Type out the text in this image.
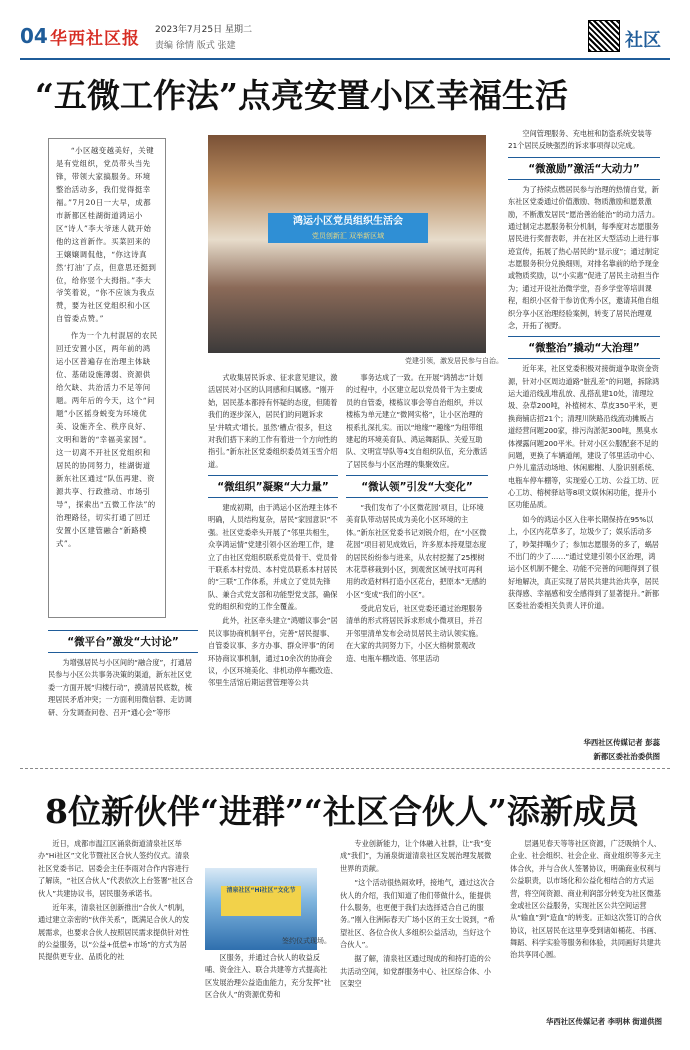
04 华西社区报 2023年7月25日 星期二
责编 徐情 版式 张建	社区
“五微工作法”点亮安置小区幸福生活

“小区越变越美好，关键是有党组织，党员带头当先锋，带领大家搞服务。环境整治活动多，我们觉得挺幸福。”7月20日一大早，成都市新都区桂湖街道鸿运小区“诗人”李大爷迷人就开始他的这首新作。买菜回来的王嬢嬢调侃他，“你这诗真然‘打油’了点，但意思还挺到位，给你竖个大拇指。”李大爷笑着说，“你不应该为我点赞，要为社区党组织和小区自管委点赞。”

作为一个九村混居的农民回迁安置小区，两年前的鸿运小区普遍存在治理主体缺位、基础设施薄弱、资源供给欠缺、共治活力不足等问题。两年后的今天，这个“问题”小区摇身蜕变为环境优美、设施齐全、秩序良好、文明和谐的“幸福美家园”。这一切离不开社区党组织和居民的协同努力，桂湖街道新东社区通过“队伍再建、资源共享、行政推动、市场引导”，探索出“五微工作法”的治理路径，切实打通了回迁安置小区建管融合“新路模式”。

“微平台”激发“大讨论”

为增强居民与小区间的“融合度”，打通居民参与小区公共事务决策的渠道，新东社区党委一方面开展“归楼行动”，摸清居民底数，梳理居民矛盾冲突；一方面利用微信群、走访调研、分发调查问卷、召开“通心会”等形

鸿运小区党员组织生活会
党员创新汇 双举新区域
党建引领，激发居民参与自治。

式收集居民诉求、征求意见建议，激活居民对小区的认同感和归属感。“刚开始，居民基本都持有怀疑的态度，但随着我们的逐步深入，居民们的问题诉求呈‘井喷式’增长。虽然‘槽点’很多，但这对我们搭下来的工作有着进一个方向性的指引。”新东社区党委组织委员刘玉雪介绍道。

“微组织”凝聚“大力量”

建成初期，由于鸿运小区治理主体不明确，人员结构复杂，居民“家园意识”不强。社区党委牵头开展了“邻里共相生，众享鸿运情”党建引领小区治理工作，建立了由社区党组织联系党员骨干、党员骨干联系本村党员、本村党员联系本村居民的“三联”工作体系，并成立了党员先锋队、兼合式党支部和功能型党支部，确保党的组织和党的工作全覆盖。

此外，社区牵头建立“鸿赠议事会”居民议事协商机制平台，完善“居民提事、自管委议事、多方办事、群众评事”的闭环协商议事机制，通过10余次的协商会议，小区环境美化、非机动停车棚改造、邻里生活馆后期运营管理等公共

事务达成了一致。在开展“鸿鹄志”计划的过程中，小区建立起以党员骨干为主要成员的自管委，楼栋议事会等自治组织，并以楼栋为单元建立“微网实格”，让小区治理的根系扎深扎实。而以“地缘”“趣缘”为纽带组建起的环境美育队、鸿运舞蹈队、关爱互助队、文明宣导队等4支自组织队伍，充分激活了居民参与小区治理的集聚效应。

“微认领”引发“大变化”

“我们发布了‘小区微花园’项目，让环境美育队带动居民成为美化小区环境的主体。”新东社区党委书记刘锐介绍，在“小区微花园”项目初见成效后，许多原本持观望态度的居民纷纷参与进来，从农村挖掘了25棵树木花草移栽到小区，到观赏区域寻找可再利用的改造材料打造小区花台，把原本“无感的小区”变成“我们的小区”。

受此启发后，社区党委还通过治理服务清单的形式将居民诉求形成小微项目，并召开邻里清单发布会动员居民主动认领实施。在大家的共同努力下，小区大榕树景观改造、电瓶车棚改造、邻里活动

空间管理服务、充电桩和防盗系统安装等21个居民反映强烈的诉求事项得以完成。

“微激励”激活“大动力”

为了持续点燃居民参与治理的热情自觉，新东社区党委通过价值激励、物质激励和愿景激励，不断激发居民“愿治善治能治”的动力活力。通过制定志愿服务积分机制，每季度对志愿服务居民进行奖督表彰，并在社区大型活动上进行事迹宣传，拓展了热心居民的“显示度”；通过制定志愿服务积分兑换细则，对排名靠前的给予现金或物质奖励，以“小实惠”促进了居民主动担当作为；通过开设社治微学堂，吾乡学堂等培训课程，组织小区骨干参访优秀小区，邀请其他自组织分享小区治理经验案例，转变了居民治理观念，开拓了视野。

“微整治”撬动“大治理”

近年来，社区党委积极对接街道争取资金资源，针对小区周边道路“脏乱差”的问题，拆除鸿运大道沿线乱堆乱放、乱搭乱建10处，清理垃圾、杂草200吨，补植树木、草皮350平米，更换商铺店招21个；清理川陕路沿线流动摊贩占道经营问题200家，排污沟淤泥300吨，黑臭水体裸露问题200平米。针对小区公服配套不足的问题，更换了车辆道闸，建设了邻里活动中心、户外儿童活动场地、休闲廊榭、人脸识别系统、电瓶车停车棚等，实现爱心工坊、公益工坊、匠心工坊、榕树驿站等8项文娱休闲功能，提升小区功能品质。

如今的鸿运小区入住率长期保持在95%以上，小区内花草多了，垃圾少了；娱乐活动多了，吵架拌嘴少了；参加志愿服务的多了，蜗居不出门的少了……“通过党建引领小区治理，鸿运小区机制不健全、功能不完善的问题得到了很好地解决，真正实现了居民共建共治共享，居民获得感、幸福感和安全感得到了显著提升。”新都区委社治委相关负责人评价道。

华西社区传媒记者 彭蕊
新都区委社治委供图
8位新伙伴“进群”“社区合伙人”添新成员

近日，成都市温江区涌泉街道清泉社区举办“Hi社区”文化节暨社区合伙人签约仪式。清泉社区党委书记、居委会主任李雨对合作内容进行了解读，“社区合伙人”代表依次上台签署“社区合伙人”共建协议书，居民服务承诺书。

近年来，清泉社区创新推出“合伙人”机制，通过建立亲密的“伙伴关系”，既满足合伙人的发展需求，也要求合伙人按照居民需求提供针对性的公益服务，以“公益+低偿+市场”的方式为居民提供更专业、品质化的社

清泉社区“Hi社区”文化节
签约仪式现场。

区服务，并通过合伙人的收益反哺、资金注入、联合共建等方式提高社区发展治理公益造血能力，充分发挥“社区合伙人”的资源优势和

专业创新能力，让个体融入社群，让“我”变成“我们”，为涌泉街道清泉社区发展治理发展微世界的贡献。

“这个活动很热闹欢呼，接地气，通过这次合伙人的介绍，我们知道了他们带做什么，能提供什么服务，也更便于我们去选择适合自己的服务。”刚入住洲际春天广场小区的王女士说到，“希望社区、各位合伙人多组织公益活动，当好这个合伙人”。

据了解，清泉社区通过现成的和持打造的公共活动空间，如党群服务中心、社区综合体、小区架空

层遇见春天等等社区资源，广泛吸纳个人、企业、社会组织、社会企业、商业组织等多元主体合伙，并与合伙人签署协议，明确商业权利与公益职责，以市场化和公益化相结合的方式运营，将空间资源、商业利润部分转变为社区微基金或社区公益服务，实现社区公共空间运营从“输血”到“造血”的转变。正如这次签订的合伙协议，社区居民在这里享受到诸如桶花、书画、舞蹈、科学实验等服务和体验，共同画好共建共治共享同心圆。

华西社区传媒记者 李明林 街道供图
